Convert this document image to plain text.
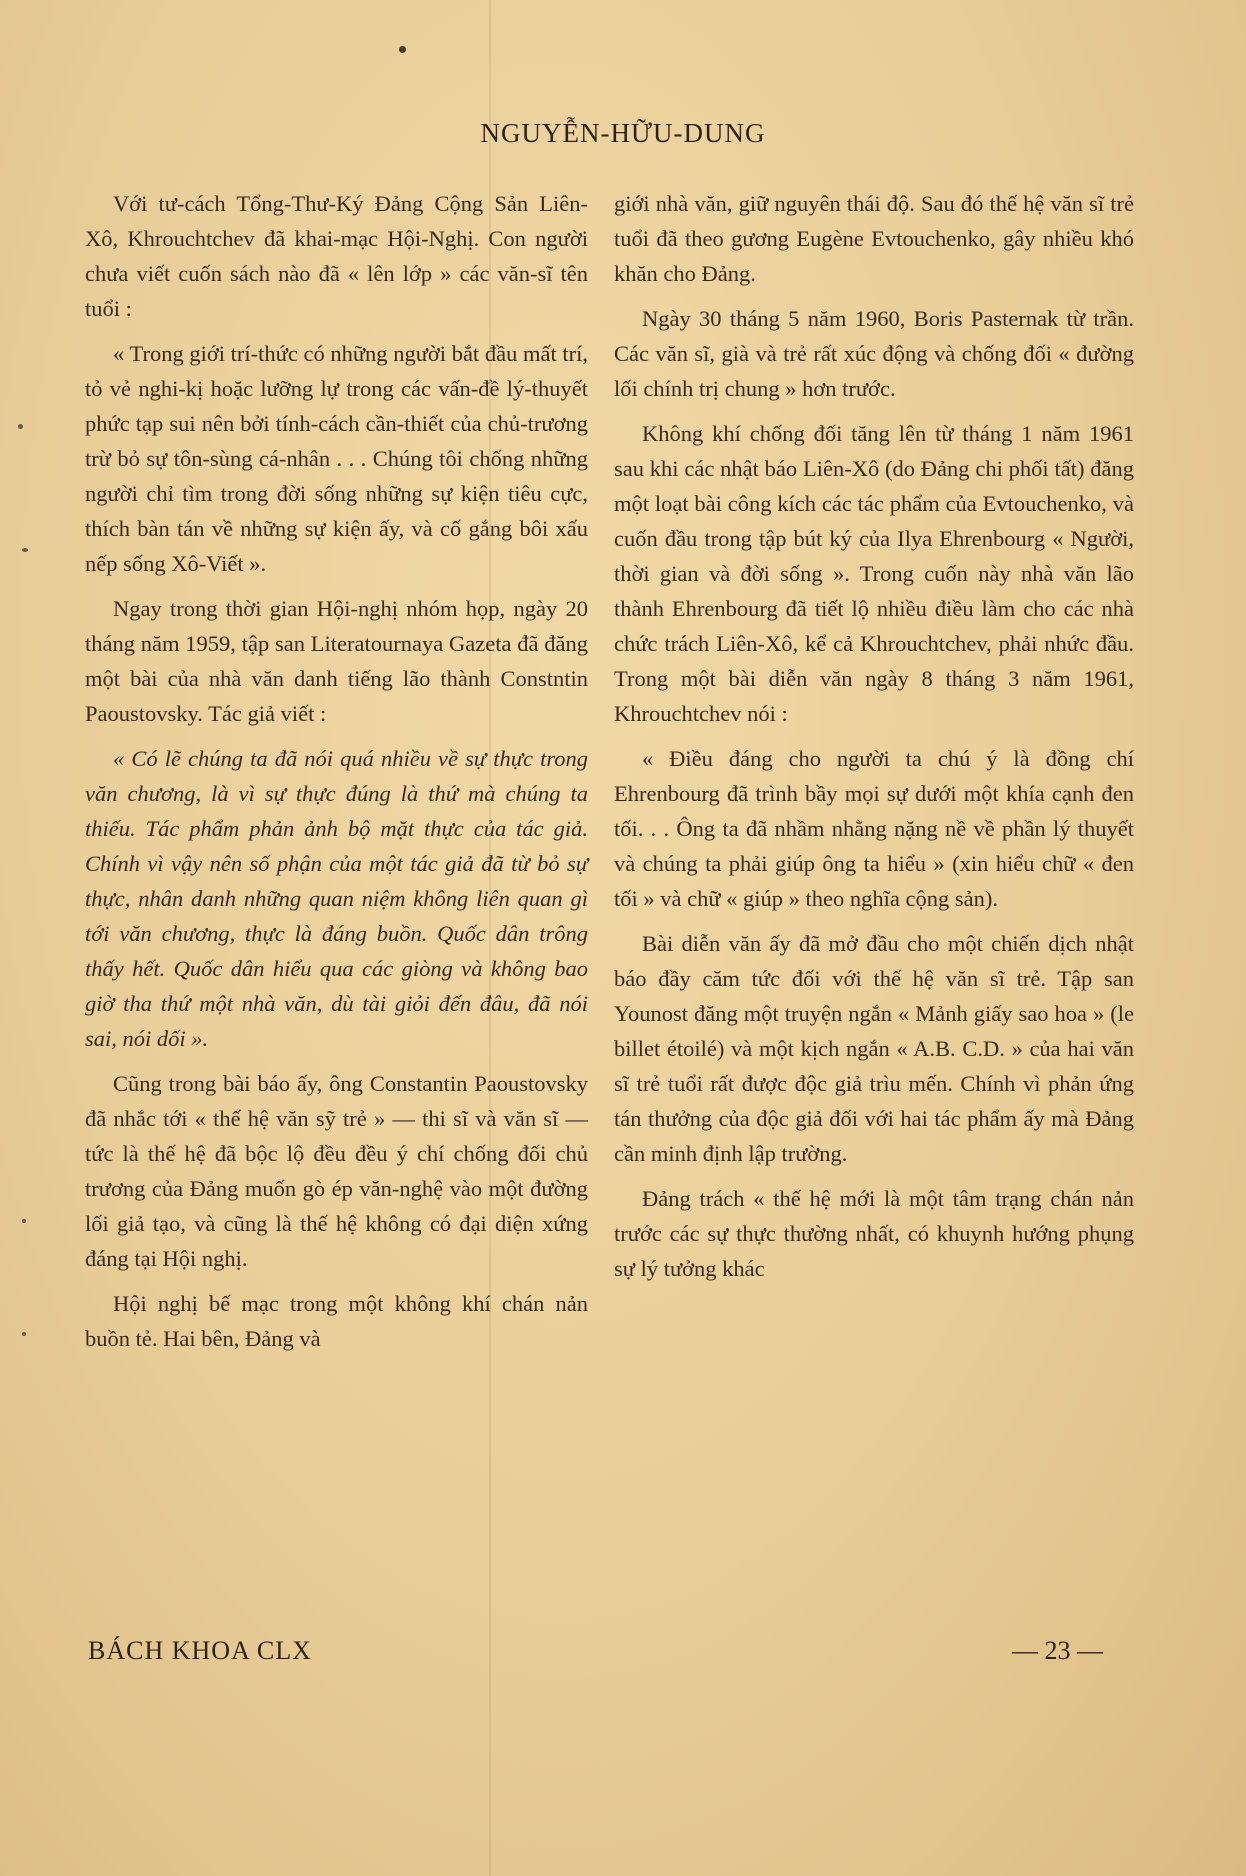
NGUYỄN-HỮU-DUNG

Với tư-cách Tổng-Thư-Ký Đảng Cộng Sản Liên-Xô, Khrouchtchev đã khai-mạc Hội-Nghị. Con người chưa viết cuốn sách nào đã « lên lớp » các văn-sĩ tên tuổi :

« Trong giới trí-thức có những người bắt đầu mất trí, tỏ vẻ nghi-kị hoặc lưỡng lự trong các vấn-đề lý-thuyết phức tạp sui nên bởi tính-cách cần-thiết của chủ-trương trừ bỏ sự tôn-sùng cá-nhân . . . Chúng tôi chống những người chỉ tìm trong đời sống những sự kiện tiêu cực, thích bàn tán về những sự kiện ấy, và cố gắng bôi xấu nếp sống Xô-Viết ».

Ngay trong thời gian Hội-nghị nhóm họp, ngày 20 tháng năm 1959, tập san Literatournaya Gazeta đã đăng một bài của nhà văn danh tiếng lão thành Constntin Paoustovsky. Tác giả viết :

« Có lẽ chúng ta đã nói quá nhiều về sự thực trong văn chương, là vì sự thực đúng là thứ mà chúng ta thiếu. Tác phẩm phản ảnh bộ mặt thực của tác giả. Chính vì vậy nên số phận của một tác giả đã từ bỏ sự thực, nhân danh những quan niệm không liên quan gì tới văn chương, thực là đáng buồn. Quốc dân trông thấy hết. Quốc dân hiểu qua các giòng và không bao giờ tha thứ một nhà văn, dù tài giỏi đến đâu, đã nói sai, nói dối ».

Cũng trong bài báo ấy, ông Constantin Paoustovsky đã nhắc tới « thế hệ văn sỹ trẻ » — thi sĩ và văn sĩ — tức là thế hệ đã bộc lộ đều đều ý chí chống đối chủ trương của Đảng muốn gò ép văn-nghệ vào một đường lối giả tạo, và cũng là thế hệ không có đại diện xứng đáng tại Hội nghị.

Hội nghị bế mạc trong một không khí chán nản buồn tẻ. Hai bên, Đảng và

giới nhà văn, giữ nguyên thái độ. Sau đó thế hệ văn sĩ trẻ tuổi đã theo gương Eugène Evtouchenko, gây nhiều khó khăn cho Đảng.

Ngày 30 tháng 5 năm 1960, Boris Pasternak từ trần. Các văn sĩ, già và trẻ rất xúc động và chống đối « đường lối chính trị chung » hơn trước.

Không khí chống đối tăng lên từ tháng 1 năm 1961 sau khi các nhật báo Liên-Xô (do Đảng chi phối tất) đăng một loạt bài công kích các tác phẩm của Evtouchenko, và cuốn đầu trong tập bút ký của Ilya Ehrenbourg « Người, thời gian và đời sống ». Trong cuốn này nhà văn lão thành Ehrenbourg đã tiết lộ nhiều điều làm cho các nhà chức trách Liên-Xô, kể cả Khrouchtchev, phải nhức đầu. Trong một bài diễn văn ngày 8 tháng 3 năm 1961, Khrouchtchev nói :

« Điều đáng cho người ta chú ý là đồng chí Ehrenbourg đã trình bầy mọi sự dưới một khía cạnh đen tối. . . Ông ta đã nhầm nhằng nặng nề về phần lý thuyết và chúng ta phải giúp ông ta hiểu » (xin hiểu chữ « đen tối » và chữ « giúp » theo nghĩa cộng sản).

Bài diễn văn ấy đã mở đầu cho một chiến dịch nhật báo đầy căm tức đối với thế hệ văn sĩ trẻ. Tập san Younost đăng một truyện ngắn « Mảnh giấy sao hoa » (le billet étoilé) và một kịch ngắn « A.B. C.D. » của hai văn sĩ trẻ tuổi rất được độc giả trìu mến. Chính vì phản ứng tán thưởng của độc giả đối với hai tác phẩm ấy mà Đảng cần minh định lập trường.

Đảng trách « thế hệ mới là một tâm trạng chán nản trước các sự thực thường nhất, có khuynh hướng phụng sự lý tưởng khác

BÁCH KHOA CLX	— 23 —
